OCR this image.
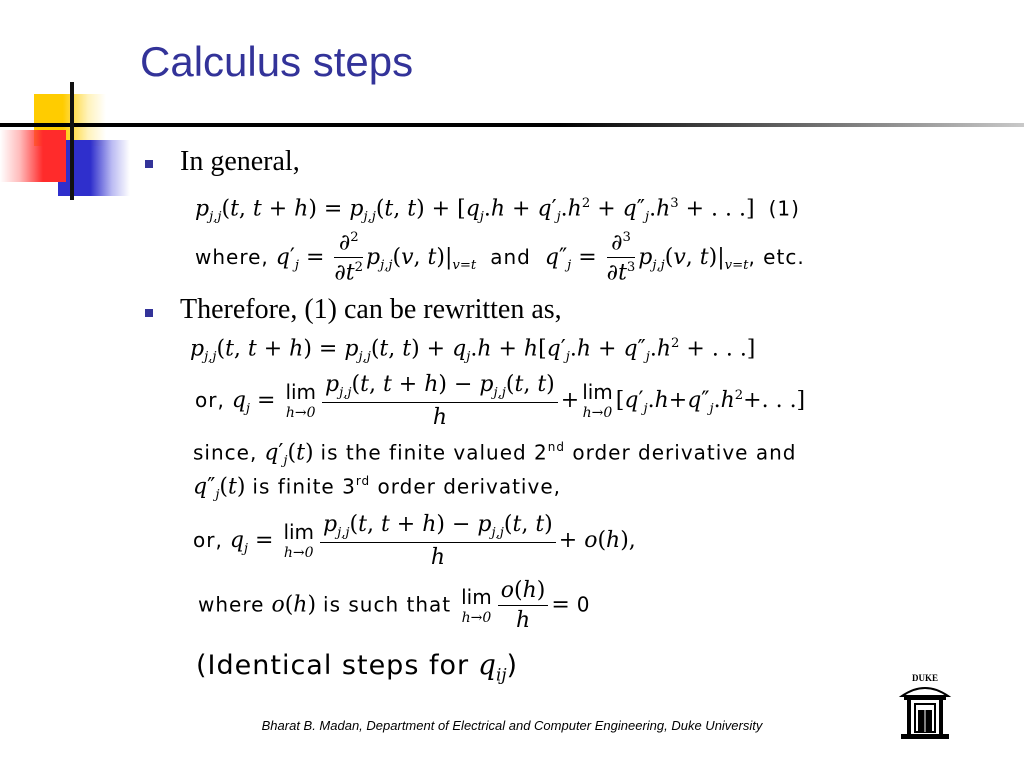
Calculus steps
In general,
$p_{j,j}(t$, $t + h) = p_{j,j}(t$, $t) + [q_j.h + q'_j.h^2 + q''_j.h^3$ + . . .]  (1)
where, $q'_j = \frac{\partial^2}{\partial t^2} p_{j,j}(v$, $t)|_{v=t}$ and $q''_j = \frac{\partial^3}{\partial t^3} p_{j,j}(v$, $t)|_{v=t}$, etc.
Therefore, (1) can be rewritten as,
$p_{j,j}(t$, $t + h) = p_{j,j}(t$, $t) + q_j.h + h[q'_j.h + q''_j.h^2$ + . . .]
or, $q_j = \lim$
$h\to 0 \frac{p_{j,j}(t, t + h) - p_{j,j}(t, t)}{h} + \lim$
h→0 [$q'_j.h+q''_j.h^2+$. . .]
since, $q'_j(t)$ is the finite valued 2nd order derivative and
$q''_j(t)$ is finite 3rd order derivative,
or, $q_j = \lim$
$h\to 0 \frac{p_{j,j}(t, t + h) - p_{j,j}(t, t)}{h} + o(h)$,
where o(h) is such that lim
$h\to 0 \frac{o(h)}{h} = 0$
(Identical steps for $q_{ij}$)
Bharat B. Madan, Department of Electrical and Computer Engineering, Duke University
DUKE
